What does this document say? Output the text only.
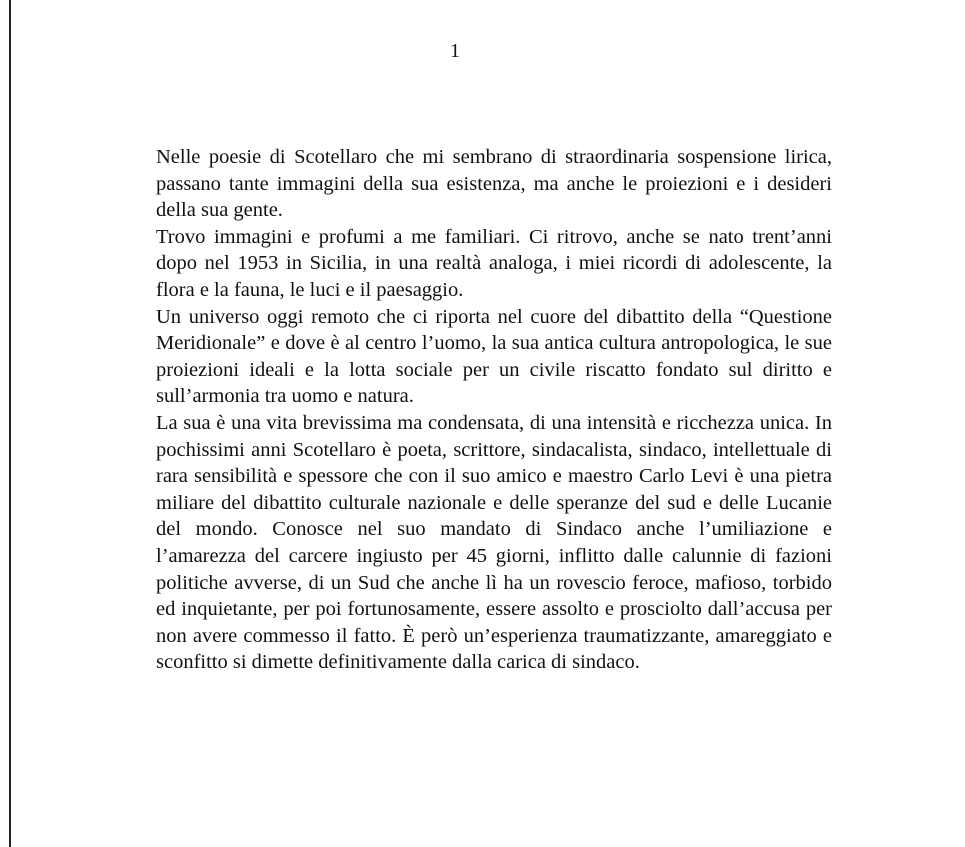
1

Nelle poesie di Scotellaro che mi sembrano di straordinaria sospensione lirica, passano tante immagini della sua esistenza, ma anche le proiezioni e i desideri della sua gente.

Trovo immagini e profumi a me familiari. Ci ritrovo, anche se nato trent’anni dopo nel 1953 in Sicilia, in una realtà analoga, i miei ricordi di adolescente, la flora e la fauna, le luci e il paesaggio.

Un universo oggi remoto che ci riporta nel cuore del dibattito della “Questione Meridionale” e dove è al centro l’uomo, la sua antica cultura antropologica, le sue proiezioni ideali e la lotta sociale per un civile riscatto fondato sul diritto e sull’armonia tra uomo e natura.

La sua è una vita brevissima ma condensata, di una intensità e ricchezza unica. In pochissimi anni Scotellaro è poeta, scrittore, sindacalista, sindaco, intellettuale di rara sensibilità e spessore che con il suo amico e maestro Carlo Levi è una pietra miliare del dibattito culturale nazionale e delle speranze del sud e delle Lucanie del mondo. Conosce nel suo mandato di Sindaco anche l’umiliazione e l’amarezza del carcere ingiusto per 45 giorni, inflitto dalle calunnie di fazioni politiche avverse, di un Sud che anche lì ha un rovescio feroce, mafioso, torbido ed inquietante, per poi fortunosamente, essere assolto e prosciolto dall’accusa per non avere commesso il fatto. È però un’esperienza traumatizzante, amareggiato e sconfitto si dimette definitivamente dalla carica di sindaco.
